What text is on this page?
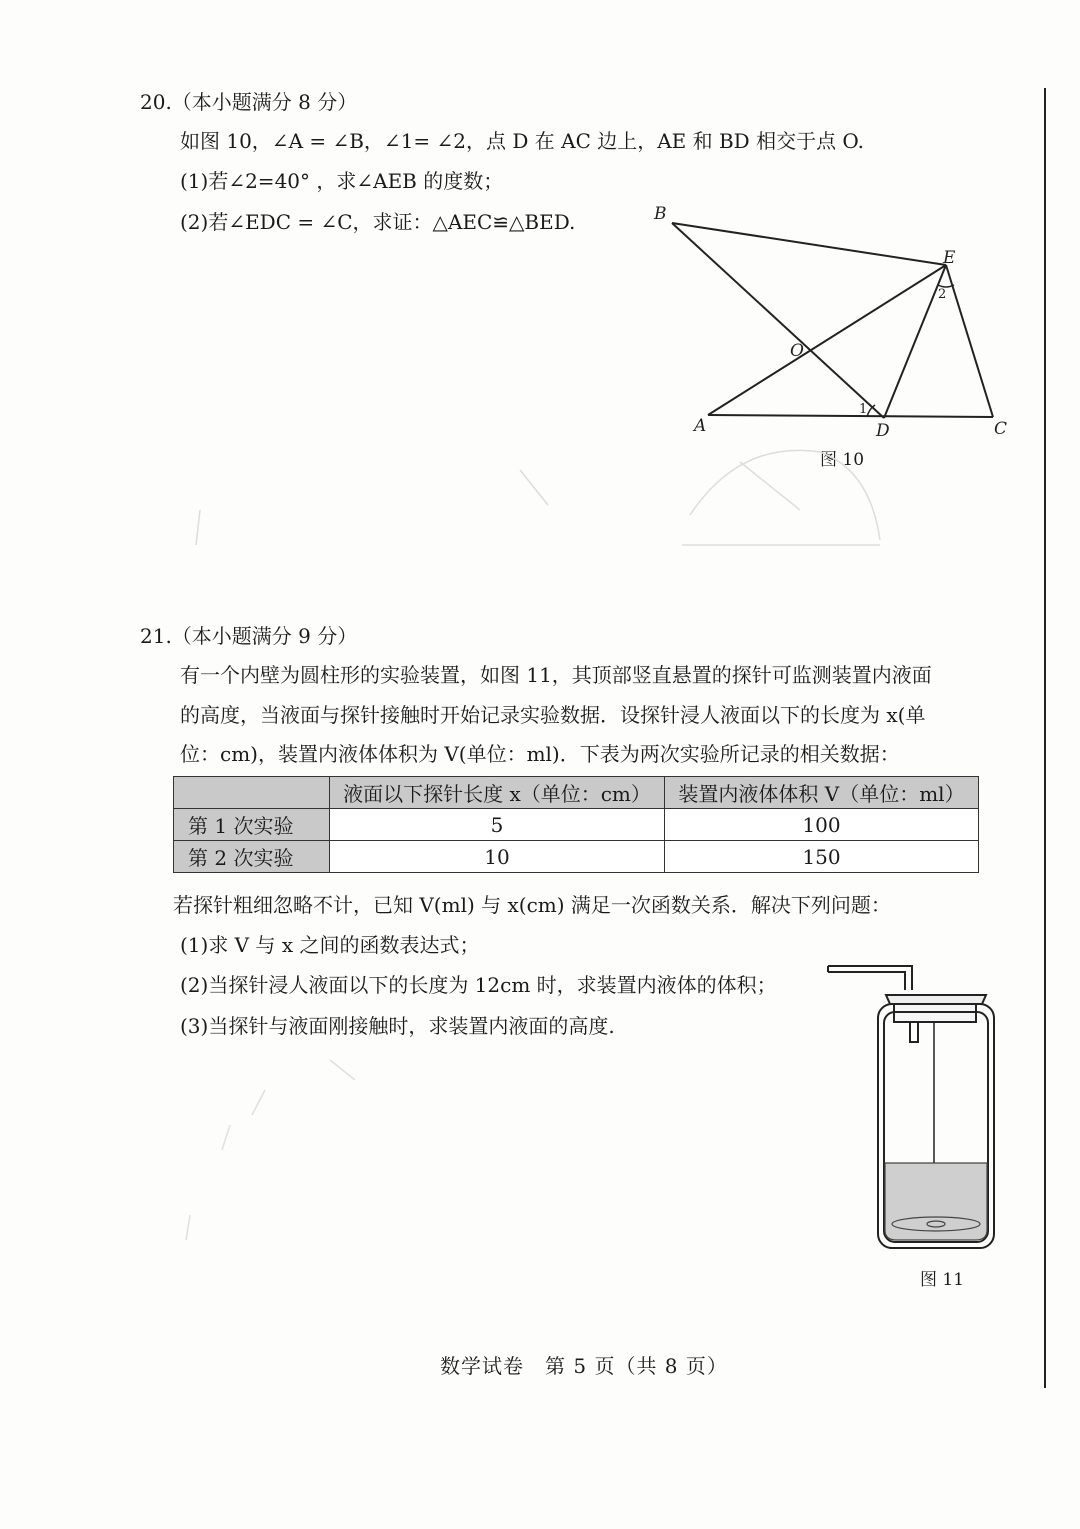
20.（本小题满分 8 分）
如图 10，∠A = ∠B，∠1= ∠2，点 D 在 AC 边上，AE 和 BD 相交于点 O.
(1)若∠2=40° ，求∠AEB 的度数；
(2)若∠EDC = ∠C，求证：△AEC≌△BED.	B
E
O
A	D	C
1
2
图 10
21.（本小题满分 9 分）
有一个内壁为圆柱形的实验装置，如图 11，其顶部竖直悬置的探针可监测装置内液面
的高度，当液面与探针接触时开始记录实验数据．设探针浸人液面以下的长度为 x(单
位：cm)，装置内液体体积为 V(单位：ml)．下表为两次实验所记录的相关数据：
	液面以下探针长度 x（单位：cm）	装置内液体体积 V（单位：ml）
第 1 次实验	5	100
第 2 次实验	10	150
若探针粗细忽略不计，已知 V(ml) 与 x(cm) 满足一次函数关系．解决下列问题：
(1)求 V 与 x 之间的函数表达式；
(2)当探针浸人液面以下的长度为 12cm 时，求装置内液体的体积；
(3)当探针与液面刚接触时，求装置内液面的高度.
图 11
数学试卷　第 5 页（共 8 页）
